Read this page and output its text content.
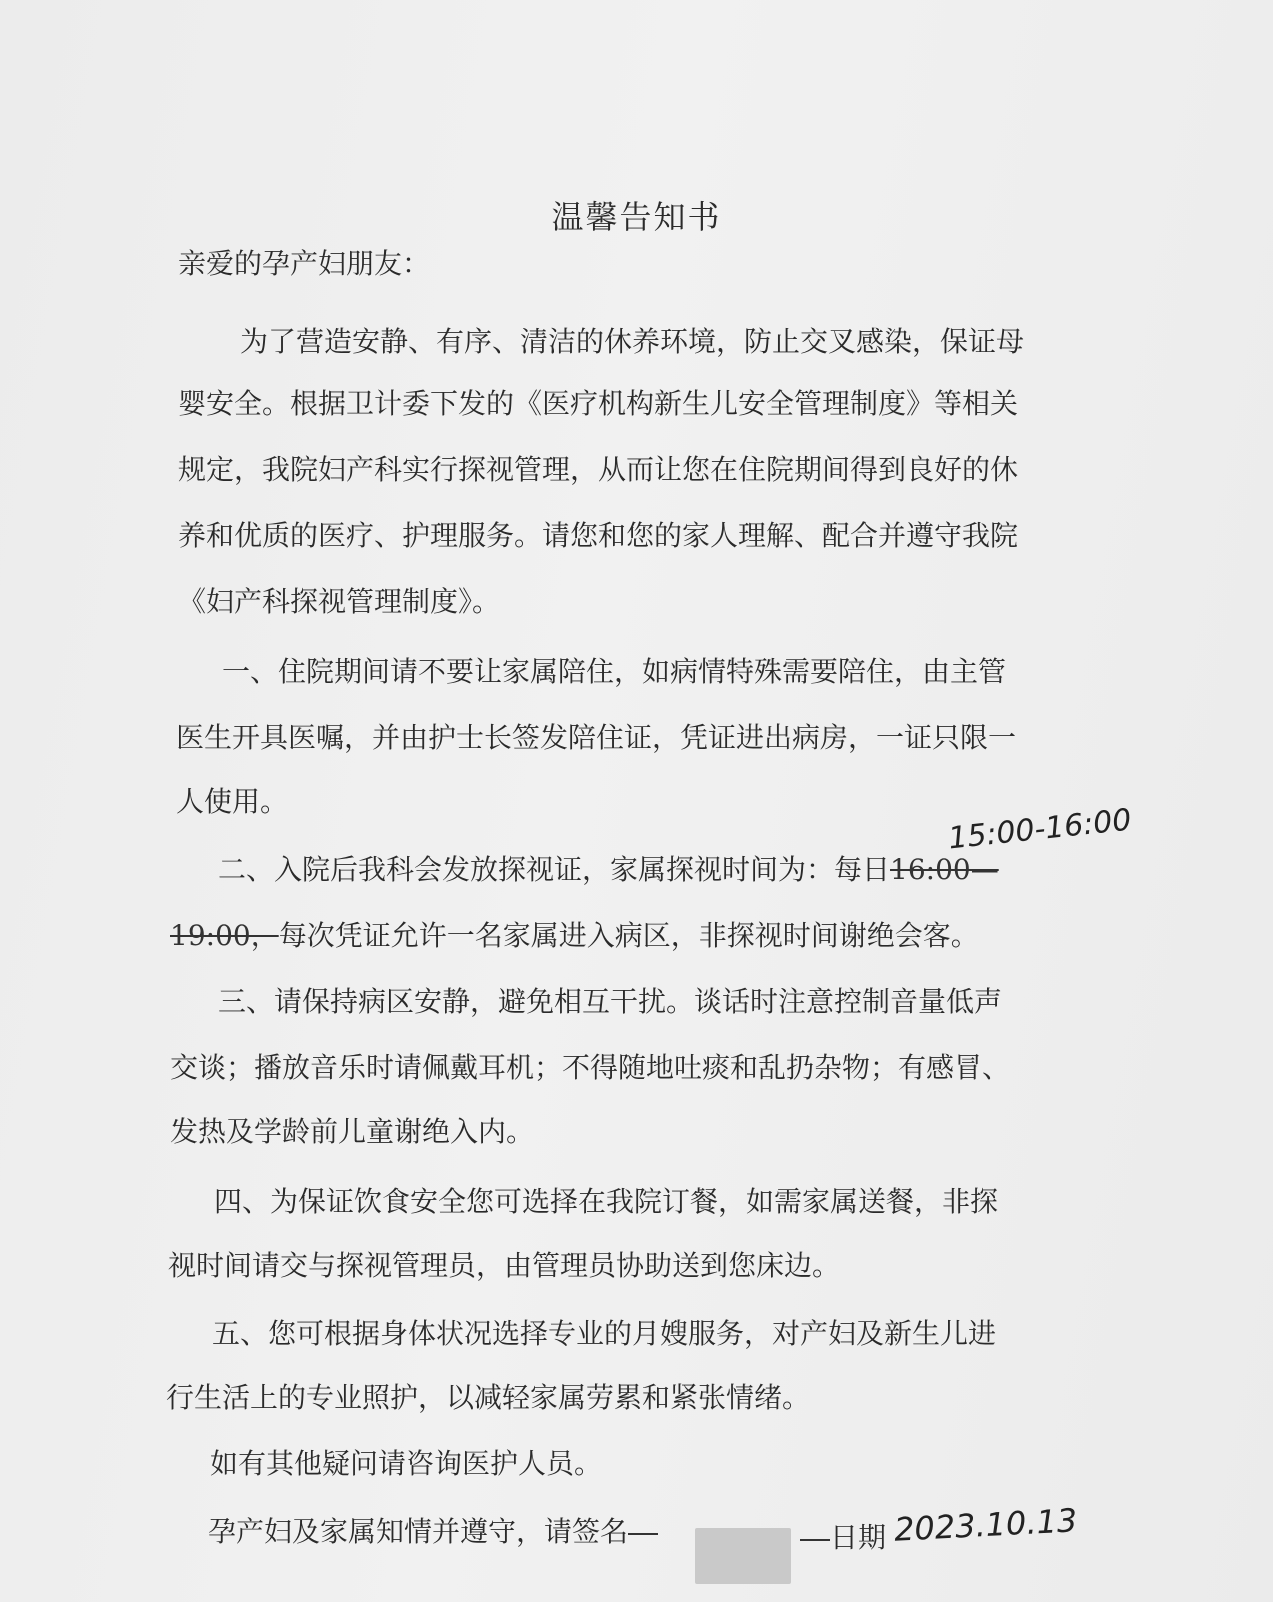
温馨告知书
亲爱的孕产妇朋友：
为了营造安静、有序、清洁的休养环境，防止交叉感染，保证母
婴安全。根据卫计委下发的《医疗机构新生儿安全管理制度》等相关
规定，我院妇产科实行探视管理，从而让您在住院期间得到良好的休
养和优质的医疗、护理服务。请您和您的家人理解、配合并遵守我院
《妇产科探视管理制度》。
一、住院期间请不要让家属陪住，如病情特殊需要陪住，由主管
医生开具医嘱，并由护士长签发陪住证，凭证进出病房，一证只限一
人使用。
15:00-16:00
二、入院后我科会发放探视证，家属探视时间为：每日16:00—
19:00，每次凭证允许一名家属进入病区，非探视时间谢绝会客。
三、请保持病区安静，避免相互干扰。谈话时注意控制音量低声
交谈；播放音乐时请佩戴耳机；不得随地吐痰和乱扔杂物；有感冒、
发热及学龄前儿童谢绝入内。
四、为保证饮食安全您可选择在我院订餐，如需家属送餐，非探
视时间请交与探视管理员，由管理员协助送到您床边。
五、您可根据身体状况选择专业的月嫂服务，对产妇及新生儿进
行生活上的专业照护，以减轻家属劳累和紧张情绪。
如有其他疑问请咨询医护人员。
孕产妇及家属知情并遵守，请签名	日期 2023.10.13
